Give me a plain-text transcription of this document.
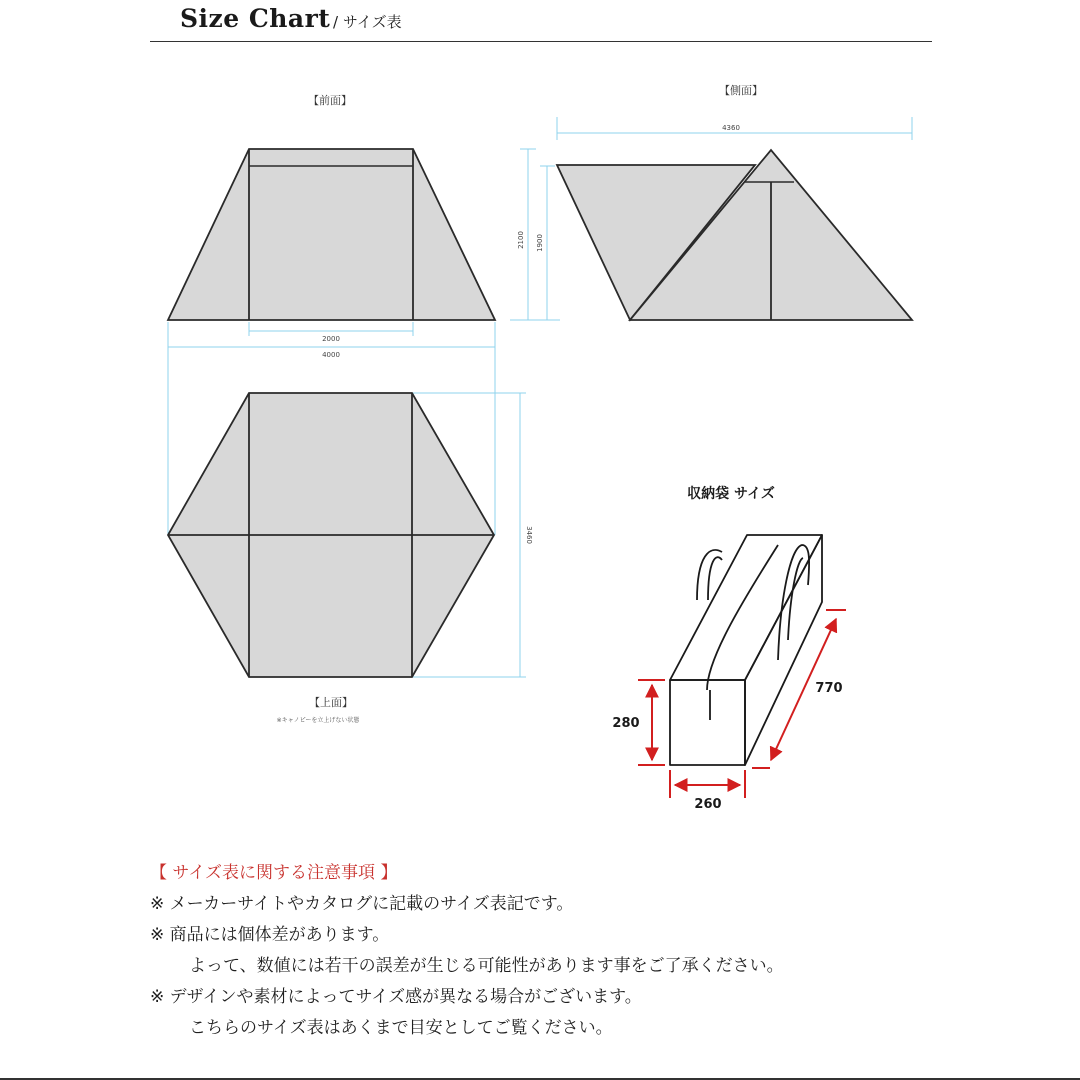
Size Chart / サイズ表
【前面】
2000
4000
2100 1900
【側面】
4360
3460
【上面】
※キャノピーを立上げない状態
収納袋 サイズ
280
260
770
【 サイズ表に関する注意事項 】
※ メーカーサイトやカタログに記載のサイズ表記です。
※ 商品には個体差があります。
よって、数値には若干の誤差が生じる可能性があります事をご了承ください。
※ デザインや素材によってサイズ感が異なる場合がございます。
こちらのサイズ表はあくまで目安としてご覧ください。
